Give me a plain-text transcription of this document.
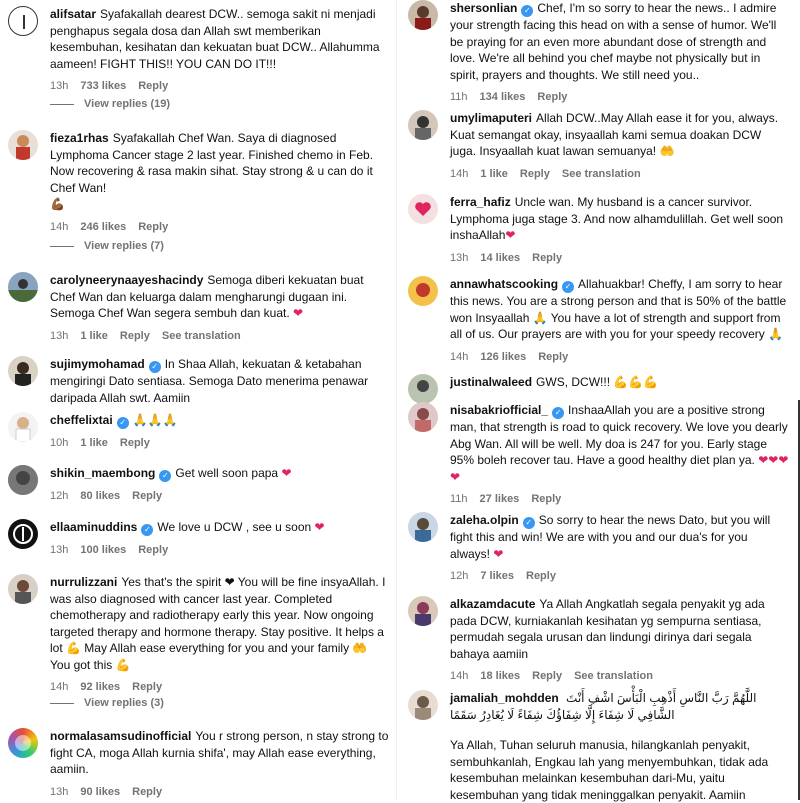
alifsatar Syafakallah dearest DCW.. semoga sakit ni menjadi penghapus segala dosa dan Allah swt memberikan kesembuhan, kesihatan dan kekuatan buat DCW.. Allahumma aameen! FIGHT THIS!! YOU CAN DO IT!!!
13h 733 likes Reply
View replies (19)
fieza1rhas Syafakallah Chef Wan. Saya di diagnosed Lymphoma Cancer stage 2 last year. Finished chemo in Feb. Now recovering & rasa makin sihat. Stay strong & u can do it Chef Wan!
💪🏾
14h 246 likes Reply
View replies (7)
carolyneerynaayeshacindy Semoga diberi kekuatan buat Chef Wan dan keluarga dalam mengharungi dugaan ini. Semoga Chef Wan segera sembuh dan kuat. ❤
13h 1 like Reply See translation
sujimymohamad ✓ In Shaa Allah, kekuatan & ketabahan mengiringi Dato sentiasa. Semoga Dato menerima penawar daripada Allah swt. Aamiin
cheffelixtai ✓ 🙏🙏🙏
10h 1 like Reply
shikin_maembong ✓ Get well soon papa ❤
12h 80 likes Reply
ellaaminuddins ✓ We love u DCW , see u soon ❤
13h 100 likes Reply
nurrulizzani Yes that's the spirit ❤ You will be fine insyaAllah. I was also diagnosed with cancer last year. Completed chemotherapy and radiotherapy early this year. Now ongoing targeted therapy and hormone therapy. Stay positive. It helps a lot 💪 May Allah ease everything for you and your family 🤲 You got this 💪
14h 92 likes Reply
View replies (3)
normalasamsudinofficial You r strong person, n stay strong to fight CA, moga Allah kurnia shifa', may Allah ease everything, aamiin.
13h 90 likes Reply
shersonlian ✓ Chef, I'm so sorry to hear the news.. I admire your strength facing this head on with a sense of humor. We'll be praying for an even more abundant dose of strength and love. We're all behind you chef maybe not physically but in spirit, prayers and thoughts. We still need you..
11h 134 likes Reply
umylimaputeri Allah DCW..May Allah ease it for you, always. Kuat semangat okay, insyaallah kami semua doakan DCW juga. Insyaallah kuat lawan semuanya! 🤲
14h 1 like Reply See translation
ferra_hafiz Uncle wan. My husband is a cancer survivor. Lymphoma juga stage 3. And now alhamdulillah. Get well soon inshaAllah❤
13h 14 likes Reply
annawhatscooking ✓ Allahuakbar! Cheffy, I am sorry to hear this news. You are a strong person and that is 50% of the battle won Insyaallah 🙏 You have a lot of strength and support from all of us. Our prayers are with you for your speedy recovery 🙏
14h 126 likes Reply
justinalwaleed GWS, DCW!!! 💪💪💪
nisabakriofficial_ ✓ InshaaAllah you are a positive strong man, that strength is road to quick recovery. We love you dearly Abg Wan. All will be well. My doa is 247 for you. Early stage 95% boleh recover tau. Have a good healthy diet plan ya. ❤❤❤
❤
11h 27 likes Reply
zaleha.olpin ✓ So sorry to hear the news Dato, but you will fight this and win! We are with you and our dua's for you always! ❤
12h 7 likes Reply
alkazamdacute Ya Allah Angkatlah segala penyakit yg ada pada DCW, kurniakanlah kesihatan yg sempurna sentiasa, permudah segala urusan dan lindungi dirinya dari segala bahaya aamiin
14h 18 likes Reply See translation
jamaliah_mohdden اللَّهُمَّ رَبَّ النَّاسِ أَذْهِبِ الْبَأْسَ اشْفِ أَنْتَ الشَّافِي لَا شِفَاءَ إِلَّا شِفَاؤُكَ شِفَاءً لَا يُغَادِرُ سَقَمًا
Ya Allah, Tuhan seluruh manusia, hilangkanlah penyakit, sembuhkanlah, Engkau lah yang menyembuhkan, tidak ada kesembuhan melainkan kesembuhan dari-Mu, yaitu kesembuhan yang tidak meninggalkan penyakit. Aamiin
